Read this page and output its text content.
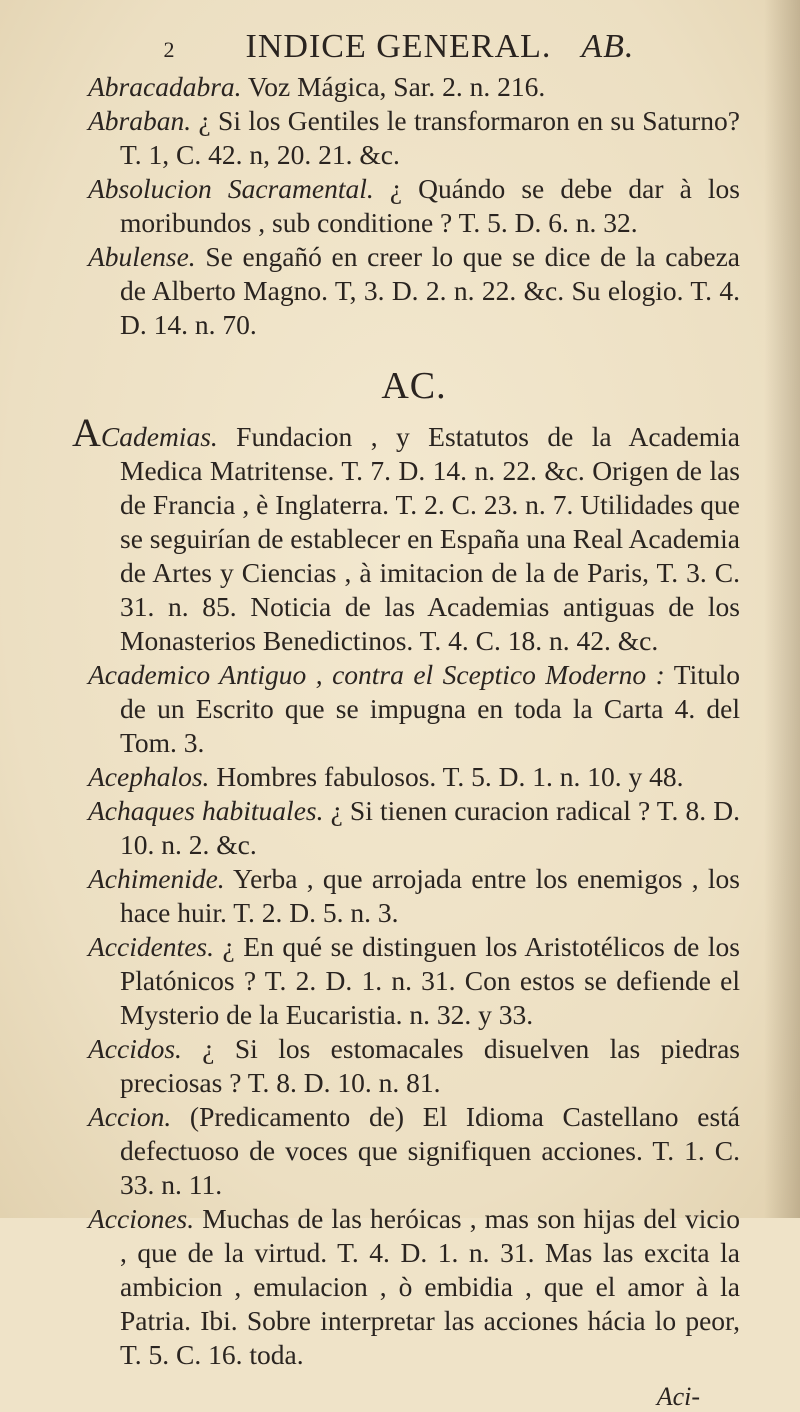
2 INDICE GENERAL. AB.

Abracadabra. Voz Mágica, Sar. 2. n. 216.

Abraban. ¿ Si los Gentiles le transformaron en su Saturno? T. 1, C. 42. n, 20. 21. &c.

Absolucion Sacramental. ¿ Quándo se debe dar à los moribundos , sub conditione ? T. 5. D. 6. n. 32.

Abulense. Se engañó en creer lo que se dice de la cabeza de Alberto Magno. T, 3. D. 2. n. 22. &c. Su elogio. T. 4. D. 14. n. 70.

AC.

ACademias. Fundacion , y Estatutos de la Academia Medica Matritense. T. 7. D. 14. n. 22. &c. Origen de las de Francia , è Inglaterra. T. 2. C. 23. n. 7. Utilidades que se seguirían de establecer en España una Real Academia de Artes y Ciencias , à imitacion de la de Paris, T. 3. C. 31. n. 85. Noticia de las Academias antiguas de los Monasterios Benedictinos. T. 4. C. 18. n. 42. &c.

Academico Antiguo , contra el Sceptico Moderno : Titulo de un Escrito que se impugna en toda la Carta 4. del Tom. 3.

Acephalos. Hombres fabulosos. T. 5. D. 1. n. 10. y 48.

Achaques habituales. ¿ Si tienen curacion radical ? T. 8. D. 10. n. 2. &c.

Achimenide. Yerba , que arrojada entre los enemigos , los hace huir. T. 2. D. 5. n. 3.

Accidentes. ¿ En qué se distinguen los Aristotélicos de los Platónicos ? T. 2. D. 1. n. 31. Con estos se defiende el Mysterio de la Eucaristia. n. 32. y 33.

Accidos. ¿ Si los estomacales disuelven las piedras preciosas ? T. 8. D. 10. n. 81.

Accion. (Predicamento de) El Idioma Castellano está defectuoso de voces que signifiquen acciones. T. 1. C. 33. n. 11.

Acciones. Muchas de las heróicas , mas son hijas del vicio , que de la virtud. T. 4. D. 1. n. 31. Mas las excita la ambicion , emulacion , ò embidia , que el amor à la Patria. Ibi. Sobre interpretar las acciones hácia lo peor, T. 5. C. 16. toda.

Aci-
